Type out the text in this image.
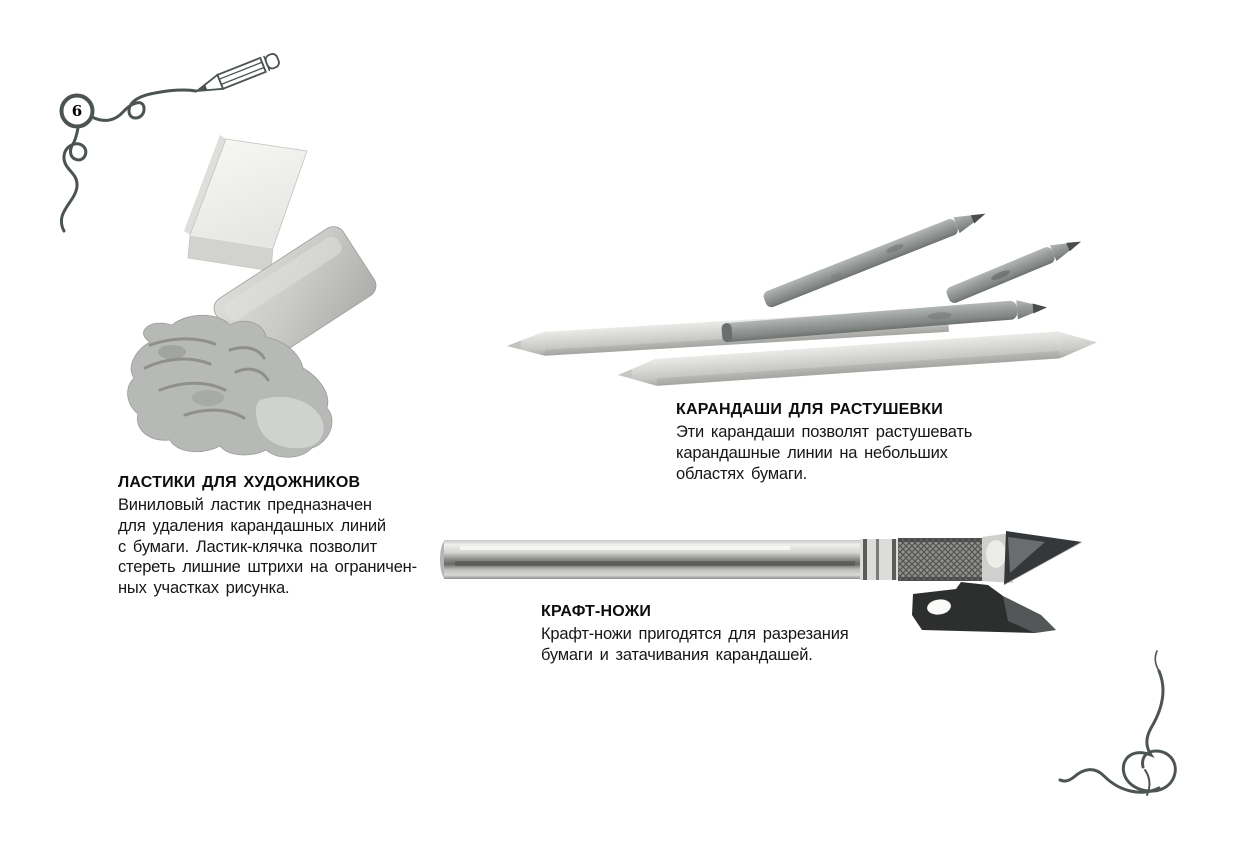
6
ЛАСТИКИ ДЛЯ ХУДОЖНИКОВ
Виниловый ластик предназначен
для удаления карандашных линий
с бумаги. Ластик-клячка позволит
стереть лишние штрихи на ограничен-
ных участках рисунка.
КАРАНДАШИ ДЛЯ РАСТУШЕВКИ
Эти карандаши позволят растушевать
карандашные линии на небольших
областях бумаги.
КРАФТ-НОЖИ
Крафт-ножи пригодятся для разрезания
бумаги и затачивания карандашей.
